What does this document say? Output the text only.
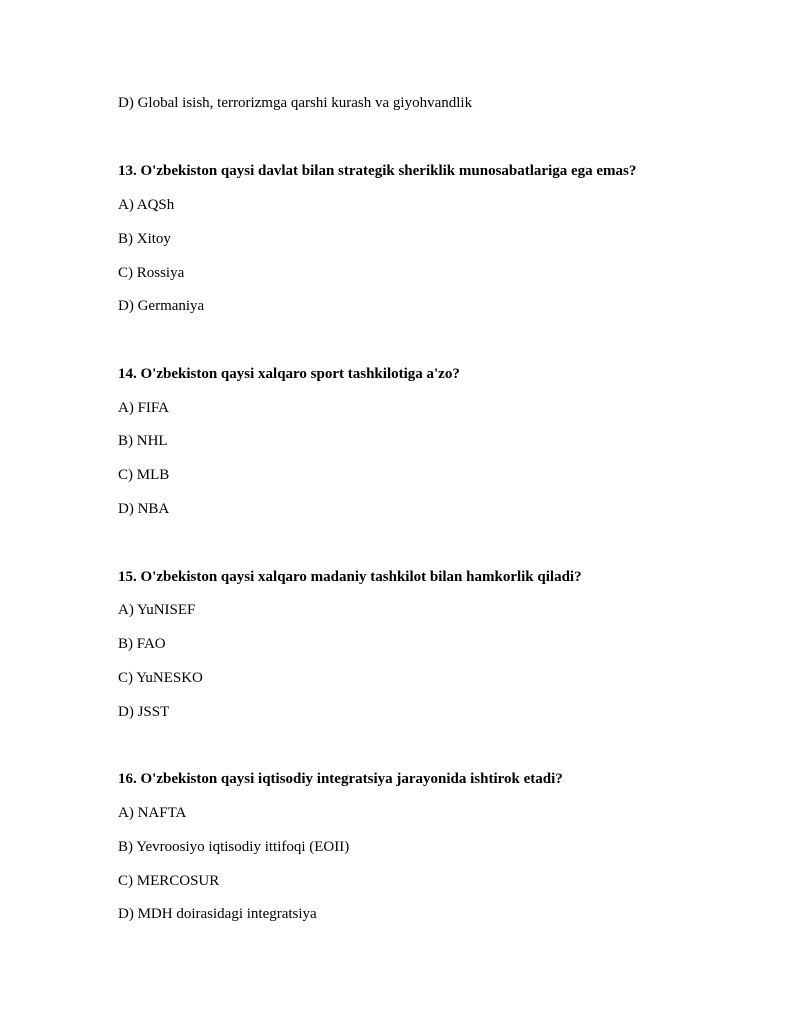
D) Global isish, terrorizmga qarshi kurash va giyohvandlik
13. O'zbekiston qaysi davlat bilan strategik sheriklik munosabatlariga ega emas?
A) AQSh
B) Xitoy
C) Rossiya
D) Germaniya
14. O'zbekiston qaysi xalqaro sport tashkilotiga a'zo?
A) FIFA
B) NHL
C) MLB
D) NBA
15. O'zbekiston qaysi xalqaro madaniy tashkilot bilan hamkorlik qiladi?
A) YuNISEF
B) FAO
C) YuNESKO
D) JSST
16. O'zbekiston qaysi iqtisodiy integratsiya jarayonida ishtirok etadi?
A) NAFTA
B) Yevroosiyo iqtisodiy ittifoqi (EOII)
C) MERCOSUR
D) MDH doirasidagi integratsiya
